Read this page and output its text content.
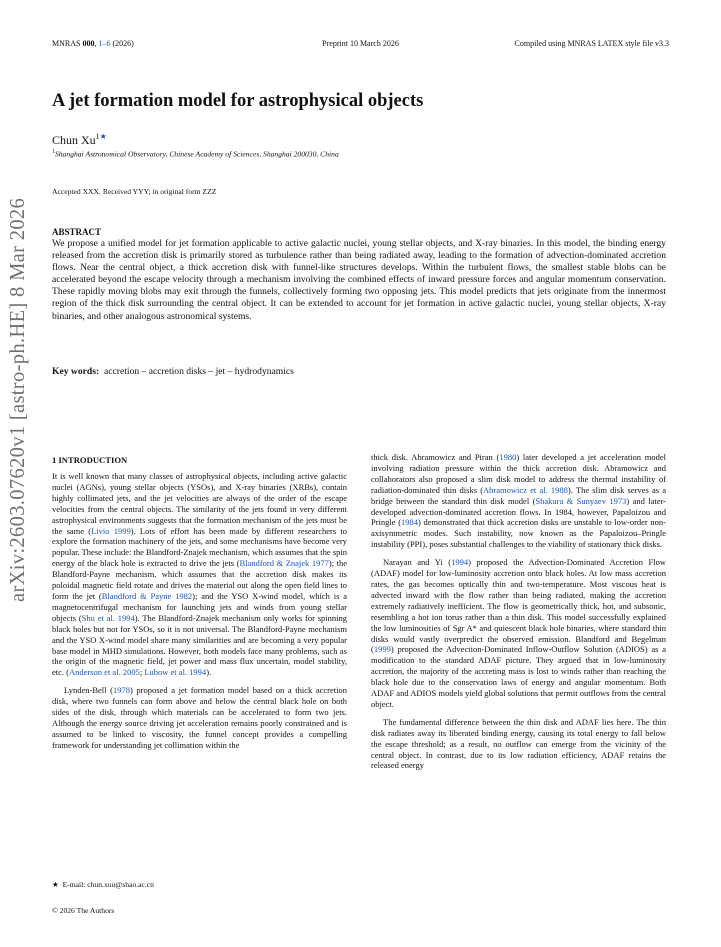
MNRAS 000, 1–6 (2026)	Preprint 10 March 2026	Compiled using MNRAS LATEX style file v3.3
arXiv:2603.07620v1 [astro-ph.HE] 8 Mar 2026
A jet formation model for astrophysical objects
Chun $Xu^{1★}$
$^1$Shanghai Astronomical Observatory, Chinese Academy of Sciences, Shanghai 200030, China
Accepted XXX. Received YYY; in original form ZZZ
ABSTRACT
We propose a unified model for jet formation applicable to active galactic nuclei, young stellar objects, and X-ray binaries. In this model, the binding energy released from the accretion disk is primarily stored as turbulence rather than being radiated away, leading to the formation of advection-dominated accretion flows. Near the central object, a thick accretion disk with funnel-like structures develops. Within the turbulent flows, the smallest stable blobs can be accelerated beyond the escape velocity through a mechanism involving the combined effects of inward pressure forces and angular momentum conservation. These rapidly moving blobs may exit through the funnels, collectively forming two opposing jets. This model predicts that jets originate from the innermost region of the thick disk surrounding the central object. It can be extended to account for jet formation in active galactic nuclei, young stellar objects, X-ray binaries, and other analogous astronomical systems.
Key words: accretion – accretion disks – jet – hydrodynamics
1 INTRODUCTION

It is well known that many classes of astrophysical objects, including active galactic nuclei (AGNs), young stellar objects (YSOs), and X-ray binaries (XRBs), contain highly collimated jets, and the jet velocities are always of the order of the escape velocities from the central objects. The similarity of the jets found in very different astrophysical environments suggests that the formation mechanism of the jets must be the same (Livio 1999). Lots of effort has been made by different researchers to explore the formation machinery of the jets, and some mechanisms have become very popular. These include: the Blandford-Znajek mechanism, which assumes that the spin energy of the black hole is extracted to drive the jets (Blandford & Znajek 1977); the Blandford-Payne mechanism, which assumes that the accretion disk makes its poloidal magnetic field rotate and drives the material out along the open field lines to form the jet (Blandford & Payne 1982); and the YSO X-wind model, which is a magnetocentrifugal mechanism for launching jets and winds from young stellar objects (Shu et al. 1994). The Blandford-Znajek mechanism only works for spinning black holes but not for YSOs, so it is not universal. The Blandford-Payne mechanism and the YSO X-wind model share many similarities and are becoming a very popular base model in MHD simulations. However, both models face many problems, such as the origin of the magnetic field, jet power and mass flux uncertain, model stability, etc. (Anderson et al. 2005; Lubow et al. 1994).

Lynden-Bell (1978) proposed a jet formation model based on a thick accretion disk, where two funnels can form above and below the central black hole on both sides of the disk, through which materials can be accelerated to form two jets. Although the energy source driving jet acceleration remains poorly constrained and is assumed to be linked to viscosity, the funnel concept provides a compelling framework for understanding jet collimation within the

thick disk. Abramowicz and Piran (1980) later developed a jet acceleration model involving radiation pressure within the thick accretion disk. Abramowicz and collaborators also proposed a slim disk model to address the thermal instability of radiation-dominated thin disks (Abramowicz et al. 1988). The slim disk serves as a bridge between the standard thin disk model (Shakura & Sunyaev 1973) and later-developed advection-dominated accretion flows. In 1984, however, Papaloizou and Pringle (1984) demonstrated that thick accretion disks are unstable to low-order non-axisymmetric modes. Such instability, now known as the Papaloizou–Pringle instability (PPI), poses substantial challenges to the viability of stationary thick disks.

Narayan and Yi (1994) proposed the Advection-Dominated Accretion Flow (ADAF) model for low-luminosity accretion onto black holes. At low mass accretion rates, the gas becomes optically thin and two-temperature. Most viscous heat is advected inward with the flow rather than being radiated, making the accretion extremely radiatively inefficient. The flow is geometrically thick, hot, and subsonic, resembling a hot ion torus rather than a thin disk. This model successfully explained the low luminosities of Sgr A* and quiescent black hole binaries, where standard thin disks would vastly overpredict the observed emission. Blandford and Begelman (1999) proposed the Advection-Dominated Inflow-Outflow Solution (ADIOS) as a modification to the standard ADAF picture. They argued that in low-luminosity accretion, the majority of the accreting mass is lost to winds rather than reaching the black hole due to the conservation laws of energy and angular momentum. Both ADAF and ADIOS models yield global solutions that permit outflows from the central object.

The fundamental difference between the thin disk and ADAF lies here. The thin disk radiates away its liberated binding energy, causing its total energy to fall below the escape threshold; as a result, no outflow can emerge from the vicinity of the central object. In contrast, due to its low radiation efficiency, ADAF retains the released energy

★ E-mail: chun.xuu@shao.ac.cn
© 2026 The Authors
